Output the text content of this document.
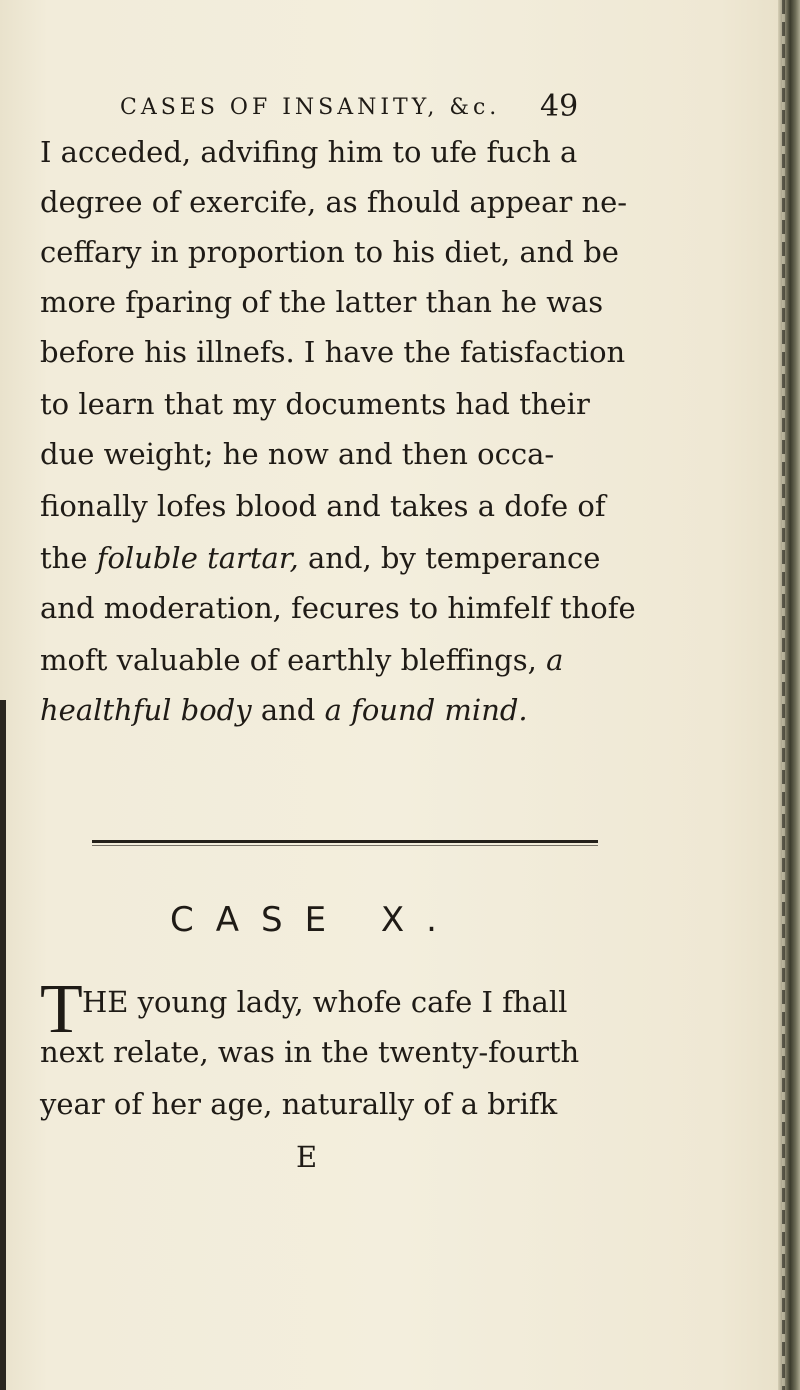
CASES OF INSANITY, &c. 49
I acceded, advifing him to ufe fuch a
degree of exercife, as fhould appear ne-
ceffary in proportion to his diet, and be
more fparing of the latter than he was
before his illnefs. I have the fatisfaction
to learn that my documents had their
due weight; he now and then occa-
fionally lofes blood and takes a dofe of
the foluble tartar, and, by temperance
and moderation, fecures to himfelf thofe
moft valuable of earthly bleffings, a
healthful body and a found mind.
CASE X.
T HE young lady, whofe cafe I fhall
next relate, was in the twenty-fourth
year of her age, naturally of a brifk
E
